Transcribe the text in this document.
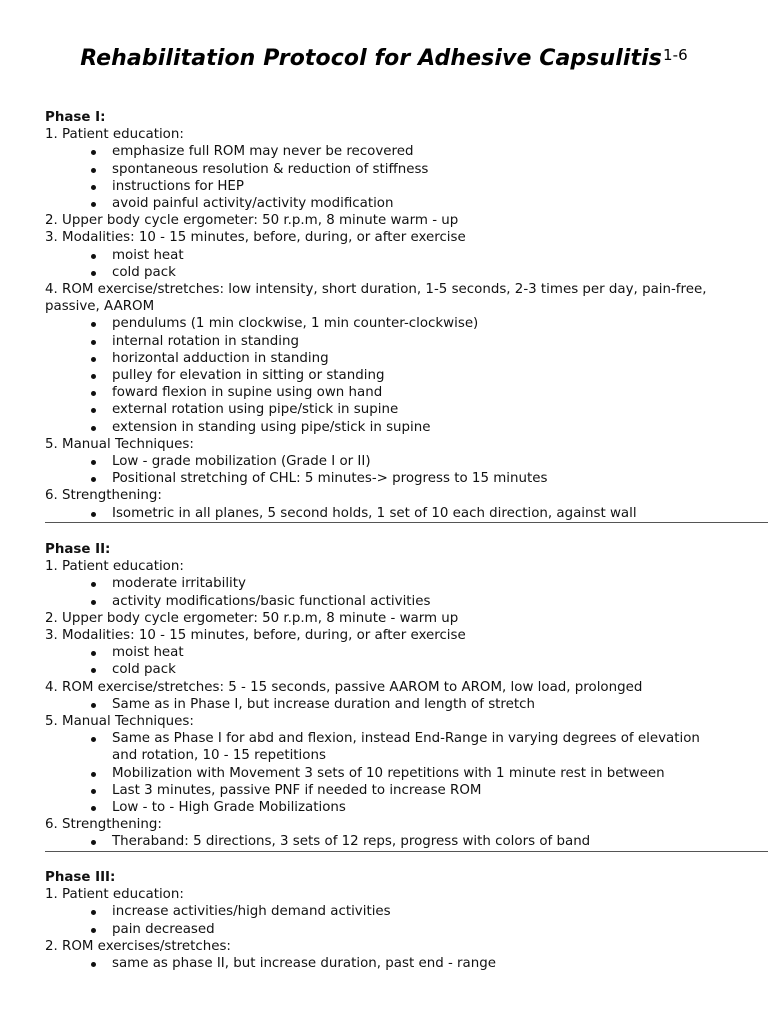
Rehabilitation Protocol for Adhesive Capsulitis$^{1-6}$
Phase I:
1. Patient education:
emphasize full ROM may never be recovered
spontaneous resolution & reduction of stiffness
instructions for HEP
avoid painful activity/activity modification
2. Upper body cycle ergometer: 50 r.p.m, 8 minute warm - up
3. Modalities: 10 - 15 minutes, before, during, or after exercise
moist heat
cold pack
4. ROM exercise/stretches: low intensity, short duration, 1-5 seconds, 2-3 times per day, pain-free, passive, AAROM
pendulums (1 min clockwise, 1 min counter-clockwise)
internal rotation in standing
horizontal adduction in standing
pulley for elevation in sitting or standing
foward flexion in supine using own hand
external rotation using pipe/stick in supine
extension in standing using pipe/stick in supine
5. Manual Techniques:
Low - grade mobilization (Grade I or II)
Positional stretching of CHL: 5 minutes-> progress to 15 minutes
6. Strengthening:
Isometric in all planes, 5 second holds, 1 set of 10 each direction, against wall
Phase II:
1. Patient education:
moderate irritability
activity modifications/basic functional activities
2. Upper body cycle ergometer: 50 r.p.m, 8 minute - warm up
3. Modalities: 10 - 15 minutes, before, during, or after exercise
moist heat
cold pack
4. ROM exercise/stretches: 5 - 15 seconds, passive AAROM to AROM, low load, prolonged
Same as in Phase I, but increase duration and length of stretch
5. Manual Techniques:
Same as Phase I for abd and flexion, instead End-Range in varying degrees of elevation and rotation, 10 - 15 repetitions
Mobilization with Movement 3 sets of 10 repetitions with 1 minute rest in between
Last 3 minutes, passive PNF if needed to increase ROM
Low - to - High Grade Mobilizations
6. Strengthening:
Theraband: 5 directions, 3 sets of 12 reps, progress with colors of band
Phase III:
1. Patient education:
increase activities/high demand activities
pain decreased
2. ROM exercises/stretches:
same as phase II, but increase duration, past end - range
